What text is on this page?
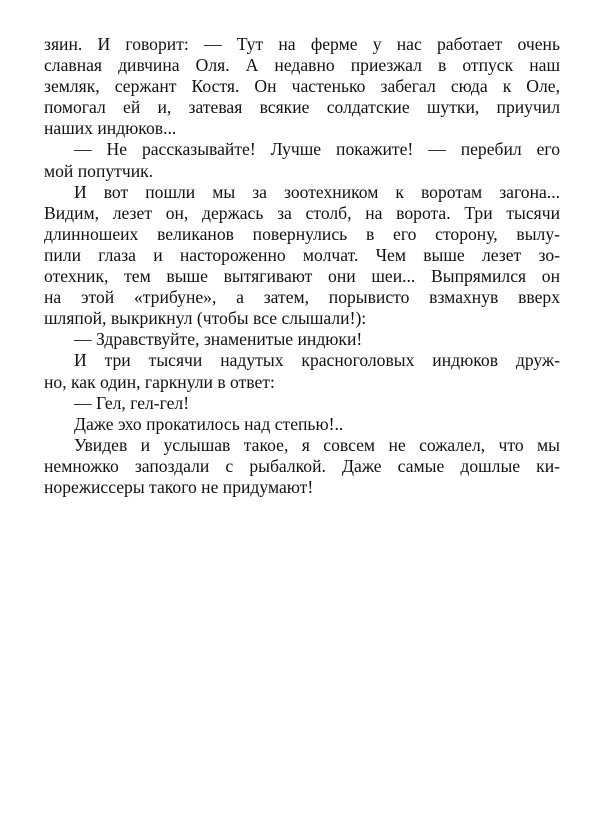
зяин. И говорит: — Тут на ферме у нас работает очень
славная дивчина Оля. А недавно приезжал в отпуск наш
земляк, сержант Костя. Он частенько забегал сюда к Оле,
помогал ей и, затевая всякие солдатские шутки, приучил
наших индюков...
— Не рассказывайте! Лучше покажите! — перебил его
мой попутчик.
И вот пошли мы за зоотехником к воротам загона...
Видим, лезет он, держась за столб, на ворота. Три тысячи
длинношеих великанов повернулись в его сторону, вылу-
пили глаза и настороженно молчат. Чем выше лезет зо-
отехник, тем выше вытягивают они шеи... Выпрямился он
на этой «трибуне», а затем, порывисто взмахнув вверх
шляпой, выкрикнул (чтобы все слышали!):
— Здравствуйте, знаменитые индюки!
И три тысячи надутых красноголовых индюков друж-
но, как один, гаркнули в ответ:
— Гел, гел-гел!
Даже эхо прокатилось над степью!..
Увидев и услышав такое, я совсем не сожалел, что мы
немножко запоздали с рыбалкой. Даже самые дошлые ки-
норежиссеры такого не придумают!
